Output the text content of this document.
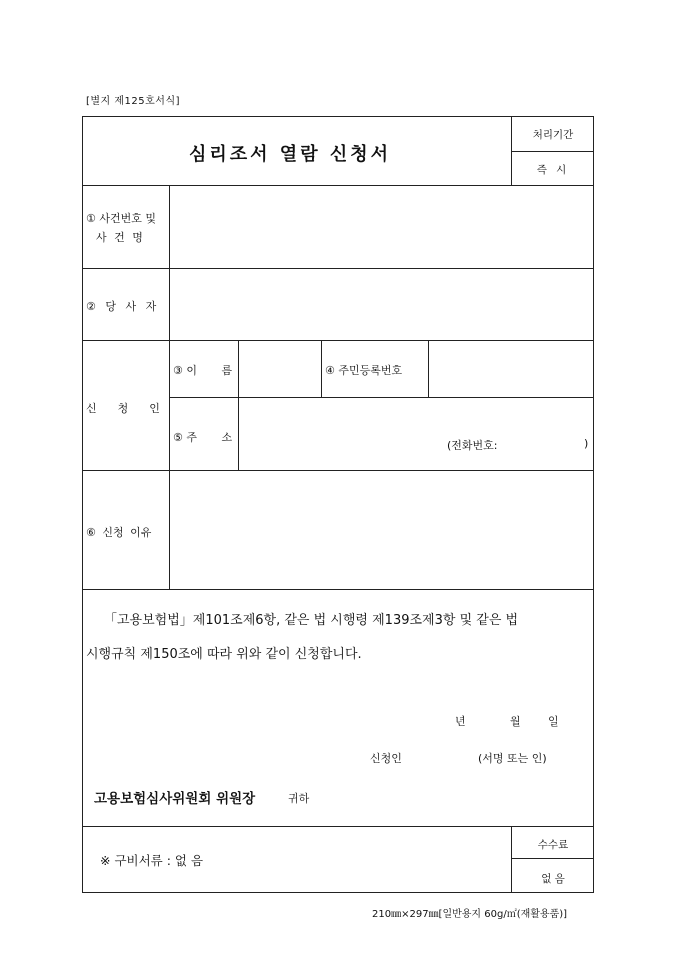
[별지 제125호서식]
심리조서 열람 신청서
처리기간
즉 시
① 사건번호 및
사 건 명
② 당 사 자
신      청      인
③ 이       름	④ 주민등록번호
⑤ 주       소
(전화번호:	)
⑥ 신청 이유
「고용보험법」제101조제6항, 같은 법 시행령 제139조제3항 및 같은 법
시행규칙 제150조에 따라 위와 같이 신청합니다.
년	월 일
신청인	(서명 또는 인)
고용보험심사위원회 위원장	귀하
※ 구비서류 : 없 음
수수료
없 음
210㎜×297㎜[일반용지 60g/㎡(재활용품)]
